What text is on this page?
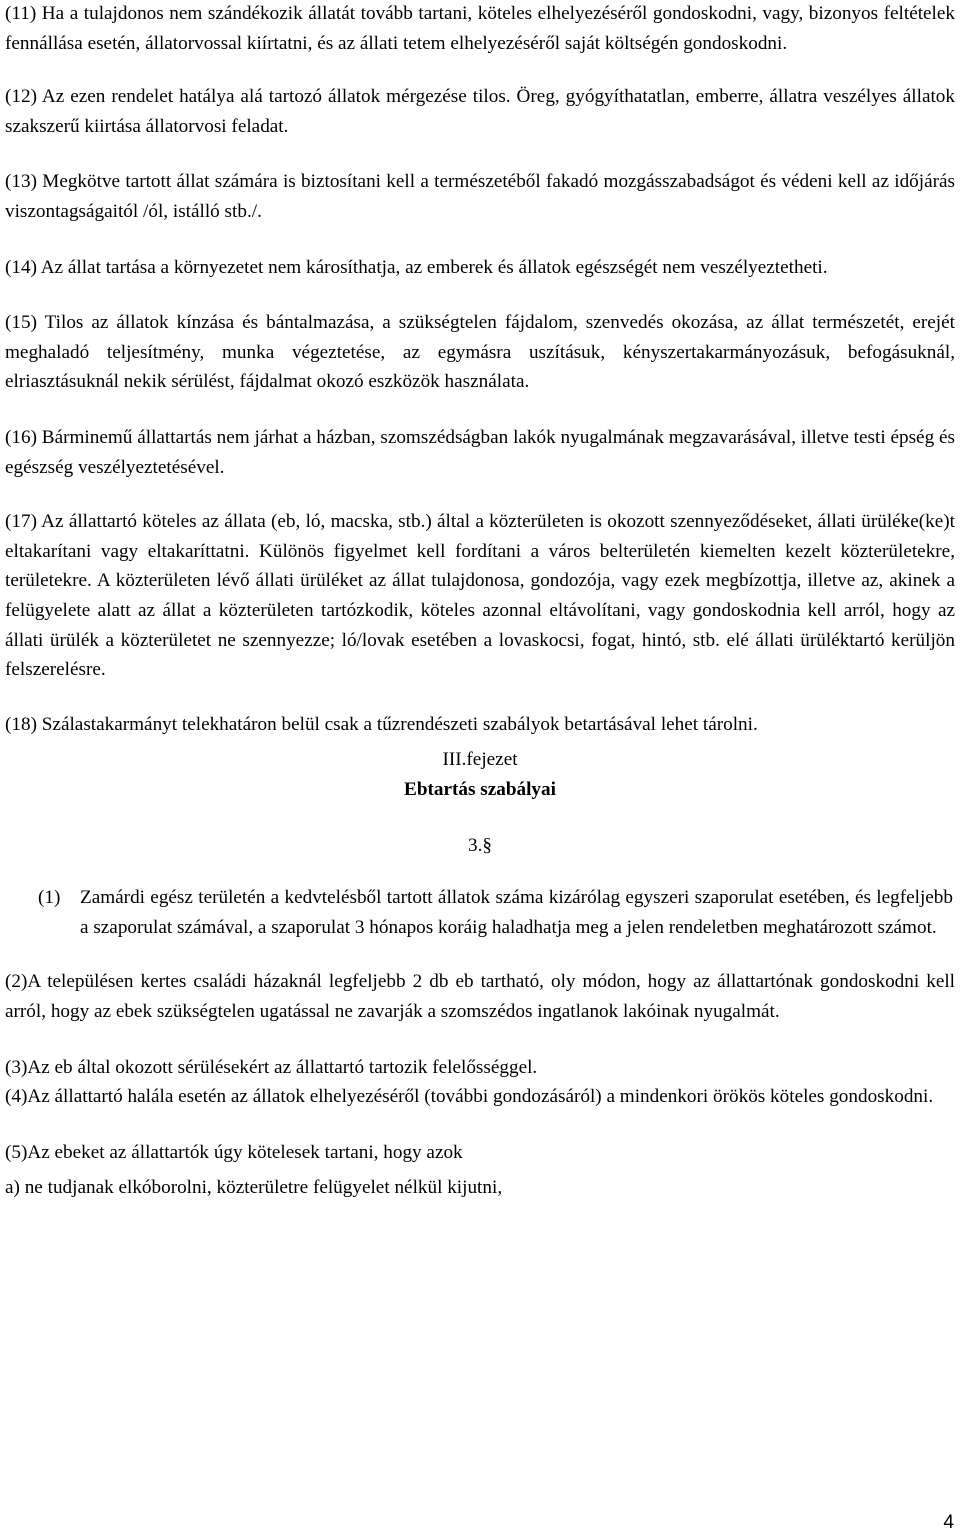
(11) Ha a tulajdonos nem szándékozik állatát tovább tartani, köteles elhelyezéséről gondoskodni, vagy, bizonyos feltételek fennállása esetén, állatorvossal kiírtatni, és az állati tetem elhelyezéséről saját költségén gondoskodni.

(12) Az ezen rendelet hatálya alá tartozó állatok mérgezése tilos. Öreg, gyógyíthatatlan, emberre, állatra veszélyes állatok szakszerű kiirtása állatorvosi feladat.

(13) Megkötve tartott állat számára is biztosítani kell a természetéből fakadó mozgásszabadságot és védeni kell az időjárás viszontagságaitól /ól, istálló stb./.

(14) Az állat tartása a környezetet nem károsíthatja, az emberek és állatok egészségét nem veszélyeztetheti.

(15) Tilos az állatok kínzása és bántalmazása, a szükségtelen fájdalom, szenvedés okozása, az állat természetét, erejét meghaladó teljesítmény, munka végeztetése, az egymásra uszításuk, kényszertakarmányozásuk, befogásuknál, elriasztásuknál nekik sérülést, fájdalmat okozó eszközök használata.

(16) Bárminemű állattartás nem járhat a házban, szomszédságban lakók nyugalmának megzavarásával, illetve testi épség és egészség veszélyeztetésével.

(17) Az állattartó köteles az állata (eb, ló, macska, stb.) által a közterületen is okozott szennyeződéseket, állati ürüléke(ke)t eltakarítani vagy eltakaríttatni. Különös figyelmet kell fordítani a város belterületén kiemelten kezelt közterületekre, területekre. A közterületen lévő állati ürüléket az állat tulajdonosa, gondozója, vagy ezek megbízottja, illetve az, akinek a felügyelete alatt az állat a közterületen tartózkodik, köteles azonnal eltávolítani, vagy gondoskodnia kell arról, hogy az állati ürülék a közterületet ne szennyezze; ló/lovak esetében a lovaskocsi, fogat, hintó, stb. elé állati ürüléktartó kerüljön felszerelésre.

(18) Szálastakarmányt telekhatáron belül csak a tűzrendészeti szabályok betartásával lehet tárolni.

III.fejezet
Ebtartás szabályai
3.§
(1)	Zamárdi egész területén a kedvtelésből tartott állatok száma kizárólag egyszeri szaporulat esetében, és legfeljebb a szaporulat számával, a szaporulat 3 hónapos koráig haladhatja meg a jelen rendeletben meghatározott számot.

(2)A településen kertes családi házaknál legfeljebb 2 db eb tartható, oly módon, hogy az állattartónak gondoskodni kell arról, hogy az ebek szükségtelen ugatással ne zavarják a szomszédos ingatlanok lakóinak nyugalmát.

(3)Az eb által okozott sérülésekért az állattartó tartozik felelősséggel.

(4)Az állattartó halála esetén az állatok elhelyezéséről (további gondozásáról) a mindenkori örökös köteles gondoskodni.

(5)Az ebeket az állattartók úgy kötelesek tartani, hogy azok

a) ne tudjanak elkóborolni, közterületre felügyelet nélkül kijutni,

4
